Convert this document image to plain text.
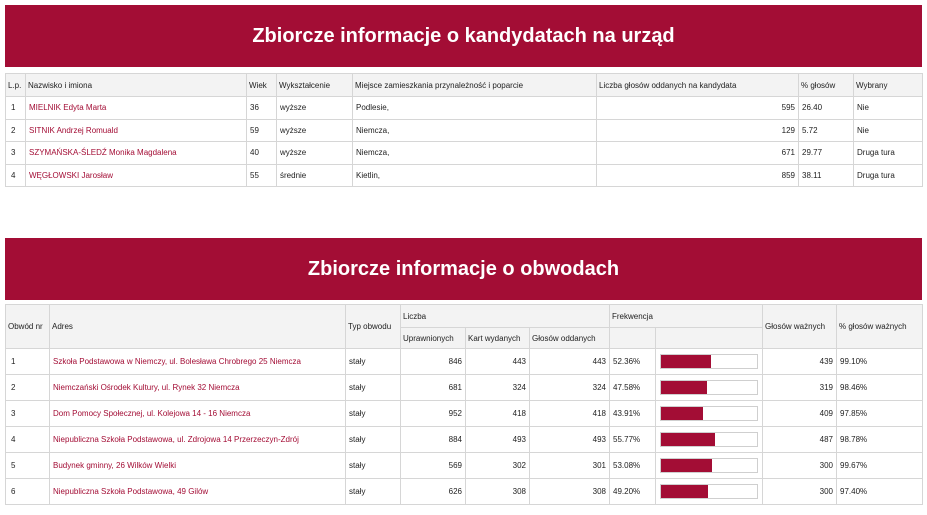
Zbiorcze informacje o kandydatach na urząd
L.p.	Nazwisko i imiona	Wiek	Wykształcenie	Miejsce zamieszkania przynależność i poparcie	Liczba głosów oddanych na kandydata	% głosów	Wybrany
1	MIELNIK Edyta Marta	36	wyższe	Podlesie,	595	26.40	Nie
2	SITNIK Andrzej Romuald	59	wyższe	Niemcza,	129	5.72	Nie
3	SZYMAŃSKA-ŚLEDŹ Monika Magdalena	40	wyższe	Niemcza,	671	29.77	Druga tura
4	WĘGŁOWSKI Jarosław	55	średnie	Kietlin,	859	38.11	Druga tura
Zbiorcze informacje o obwodach
Obwód nr	Adres	Typ obwodu	Liczba			Frekwencja		Głosów ważnych	% głosów ważnych
			Uprawnionych	Kart wydanych	Głosów oddanych				
1	Szkoła Podstawowa w Niemczy, ul. Bolesława Chrobrego 25 Niemcza	stały	846	443	443	52.36%		439	99.10%
2	Niemczański Ośrodek Kultury, ul. Rynek 32 Niemcza	stały	681	324	324	47.58%		319	98.46%
3	Dom Pomocy Społecznej, ul. Kolejowa 14 - 16 Niemcza	stały	952	418	418	43.91%		409	97.85%
4	Niepubliczna Szkoła Podstawowa, ul. Zdrojowa 14 Przerzeczyn-Zdrój	stały	884	493	493	55.77%		487	98.78%
5	Budynek gminny, 26 Wilków Wielki	stały	569	302	301	53.08%		300	99.67%
6	Niepubliczna Szkoła Podstawowa, 49 Gilów	stały	626	308	308	49.20%		300	97.40%
